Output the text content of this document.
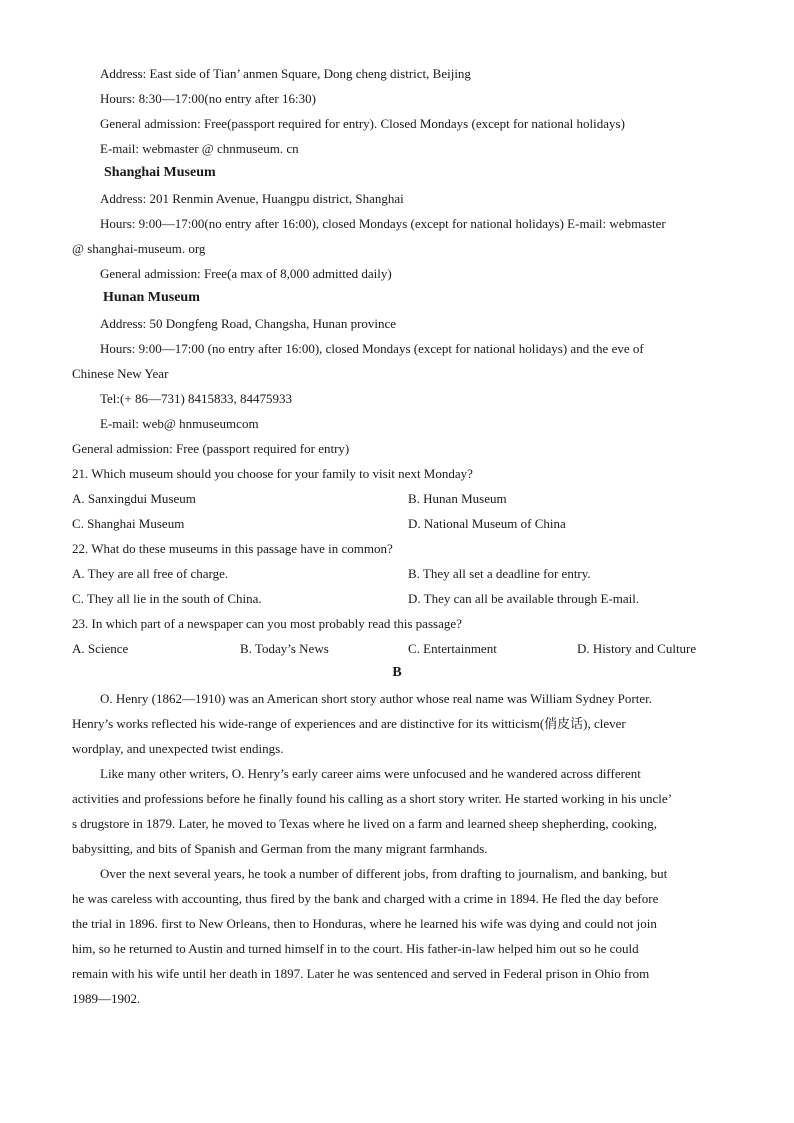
Address: East side of Tian’ anmen Square, Dong cheng district, Beijing
Hours: 8:30—17:00(no entry after 16:30)
General admission: Free(passport required for entry). Closed Mondays (except for national holidays)
E-mail: webmaster @ chnmuseum. cn
Shanghai Museum
Address: 201 Renmin Avenue, Huangpu district, Shanghai
Hours: 9:00—17:00(no entry after 16:00), closed Mondays (except for national holidays) E-mail: webmaster
@ shanghai-museum. org
General admission: Free(a max of 8,000 admitted daily)
Hunan Museum
Address: 50 Dongfeng Road, Changsha, Hunan province
Hours: 9:00—17:00 (no entry after 16:00), closed Mondays (except for national holidays) and the eve of
Chinese New Year
Tel:(+ 86—731) 8415833, 84475933
E-mail: web@ hnmuseumcom
General admission: Free (passport required for entry)
21. Which museum should you choose for your family to visit next Monday?
A. Sanxingdui Museum	B. Hunan Museum
C. Shanghai Museum	D. National Museum of China
22. What do these museums in this passage have in common?
A. They are all free of charge.	B. They all set a deadline for entry.
C. They all lie in the south of China.	D. They can all be available through E-mail.
23. In which part of a newspaper can you most probably read this passage?
A. Science	B. Today’s News	C. Entertainment	D. History and Culture
B
O. Henry (1862—1910) was an American short story author whose real name was William Sydney Porter.
Henry’s works reflected his wide-range of experiences and are distinctive for its witticism(俏皮话), clever
wordplay, and unexpected twist endings.
Like many other writers, O. Henry’s early career aims were unfocused and he wandered across different
activities and professions before he finally found his calling as a short story writer. He started working in his uncle’
s drugstore in 1879. Later, he moved to Texas where he lived on a farm and learned sheep shepherding, cooking,
babysitting, and bits of Spanish and German from the many migrant farmhands.
Over the next several years, he took a number of different jobs, from drafting to journalism, and banking, but
he was careless with accounting, thus fired by the bank and charged with a crime in 1894. He fled the day before
the trial in 1896. first to New Orleans, then to Honduras, where he learned his wife was dying and could not join
him, so he returned to Austin and turned himself in to the court. His father-in-law helped him out so he could
remain with his wife until her death in 1897. Later he was sentenced and served in Federal prison in Ohio from
1989—1902.
